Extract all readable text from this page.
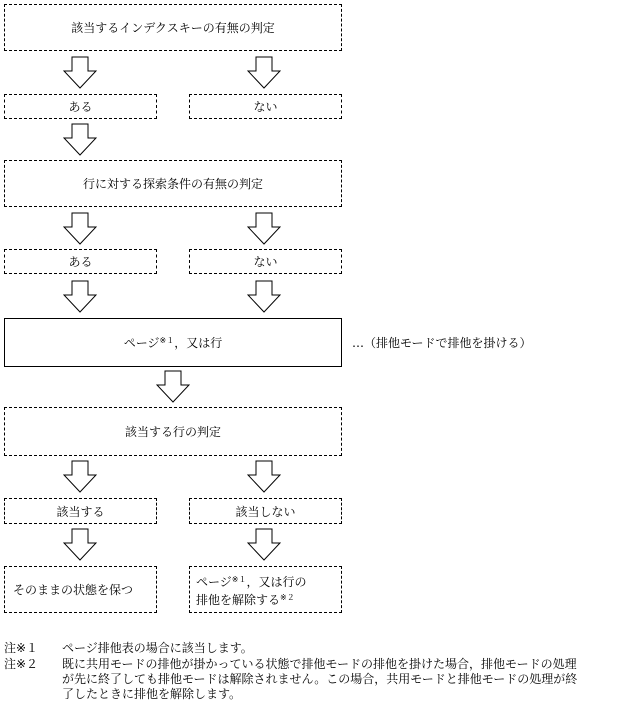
該当するインデクスキーの有無の判定
ある	ない
行に対する探索条件の有無の判定
ある	ない
ページ$^{※1}$，又は行	…（排他モードで排他を掛ける）
該当する行の判定
該当する	該当しない
そのままの状態を保つ
ページ$^{※1}$，又は行の
排他を解除する$^{※2}$
注※１ ページ排他表の場合に該当します。
注※２ 既に共用モードの排他が掛かっている状態で排他モードの排他を掛けた場合，排他モードの処理が先に終了しても排他モードは解除されません。この場合，共用モードと排他モードの処理が終了したときに排他を解除します。
